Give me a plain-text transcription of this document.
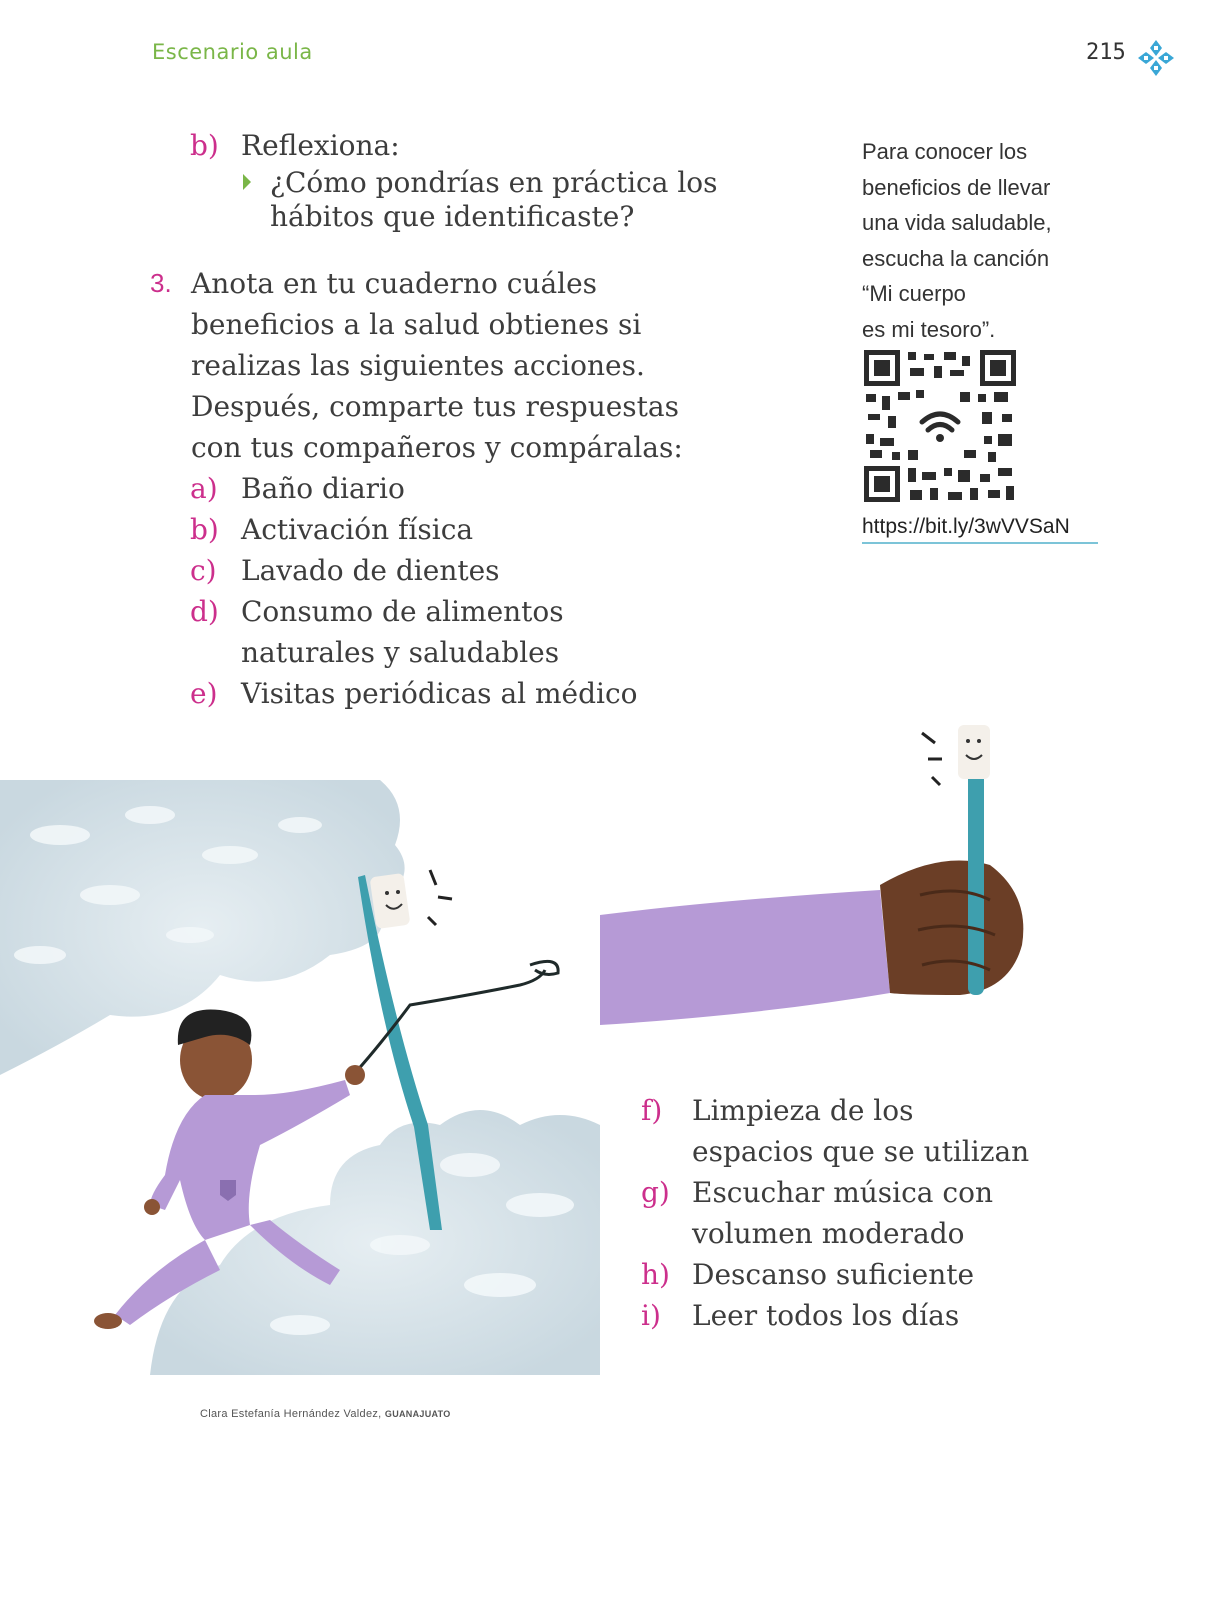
Escenario aula	215
b) Reflexiona:
¿Cómo pondrías en práctica los
hábitos que identificaste?
3. Anota en tu cuaderno cuáles
beneficios a la salud obtienes si
realizas las siguientes acciones.
Después, comparte tus respuestas
con tus compañeros y compáralas:
a) Baño diario
b) Activación física
c) Lavado de dientes
d) Consumo de alimentos
naturales y saludables
e) Visitas periódicas al médico
Para conocer los
beneficios de llevar
una vida saludable,
escucha la canción
“Mi cuerpo
es mi tesoro”.
https://bit.ly/3wVVSaN
f)	Limpieza de los
espacios que se utilizan
g) Escuchar música con
volumen moderado
h) Descanso suficiente
i)	Leer todos los días
Clara Estefanía Hernández Valdez, GUANAJUATO
